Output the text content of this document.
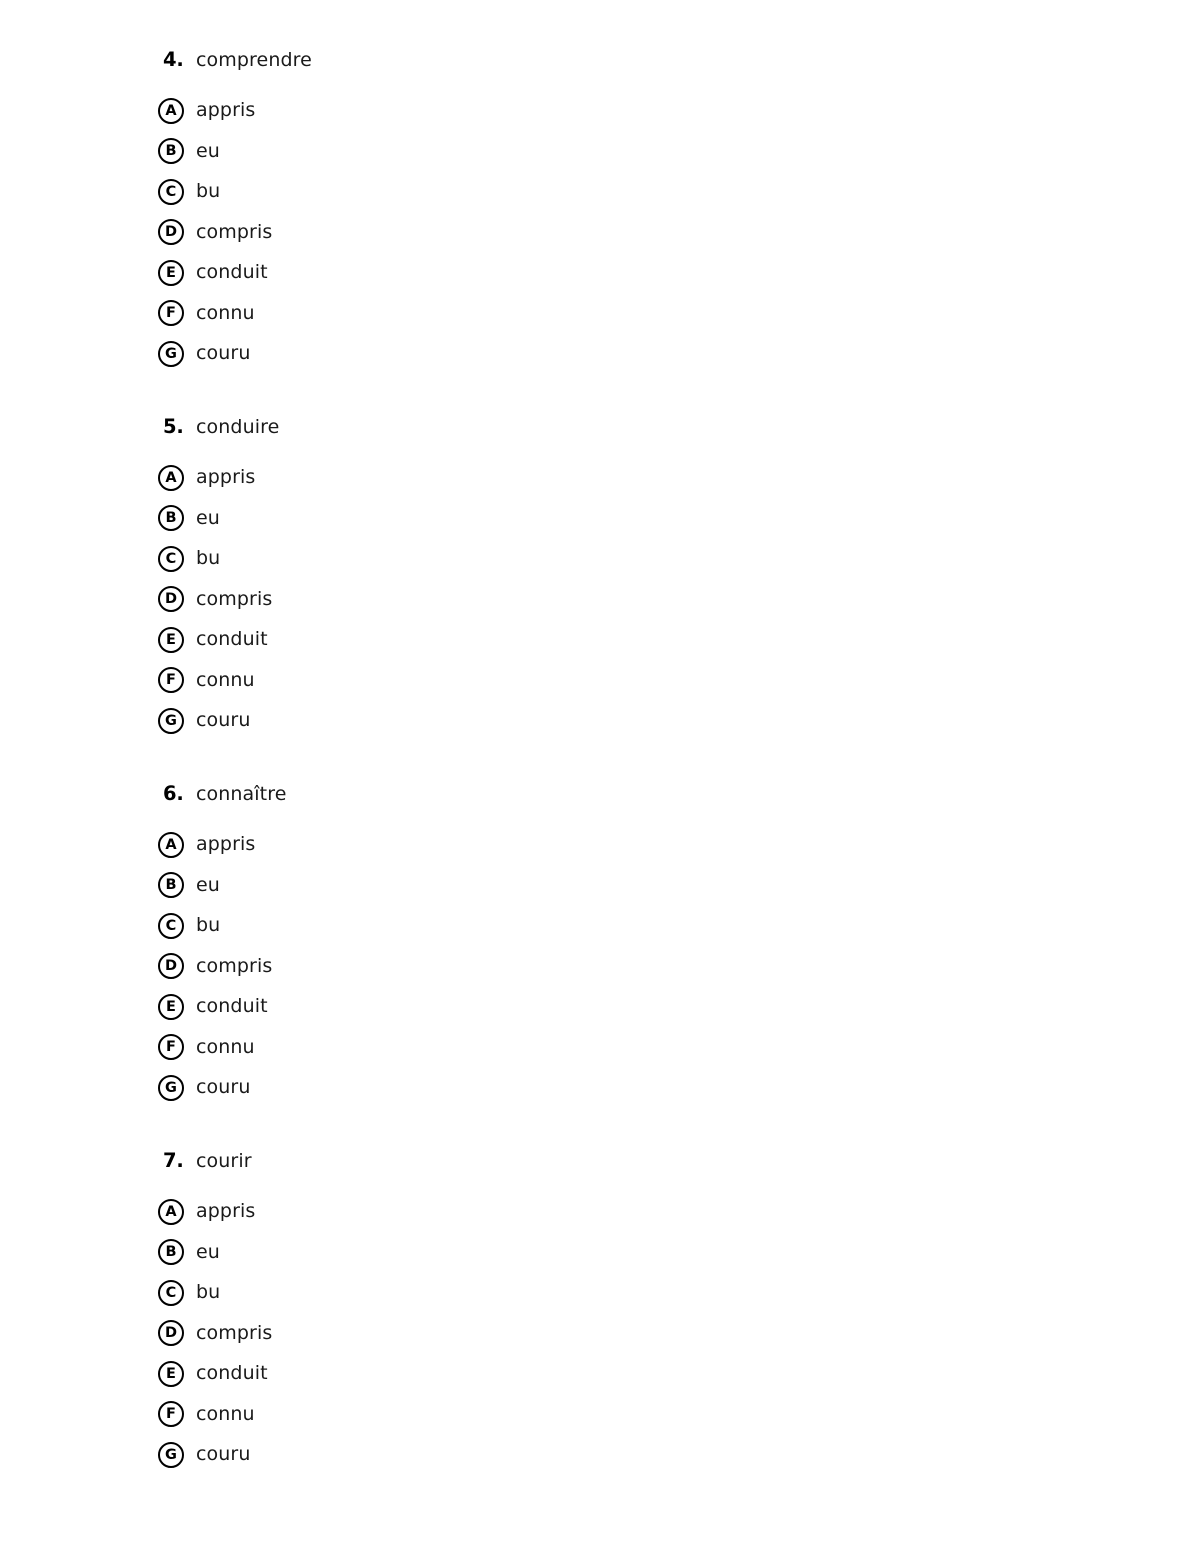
4. comprendre
A	appris
B	eu
C	bu
D compris
E	conduit
F	connu
G	couru
5. conduire
A	appris
B	eu
C	bu
D compris
E	conduit
F	connu
G	couru
6. connaître
A	appris
B	eu
C	bu
D compris
E	conduit
F	connu
G	couru
7. courir
A	appris
B	eu
C	bu
D compris
E	conduit
F	connu
G	couru
